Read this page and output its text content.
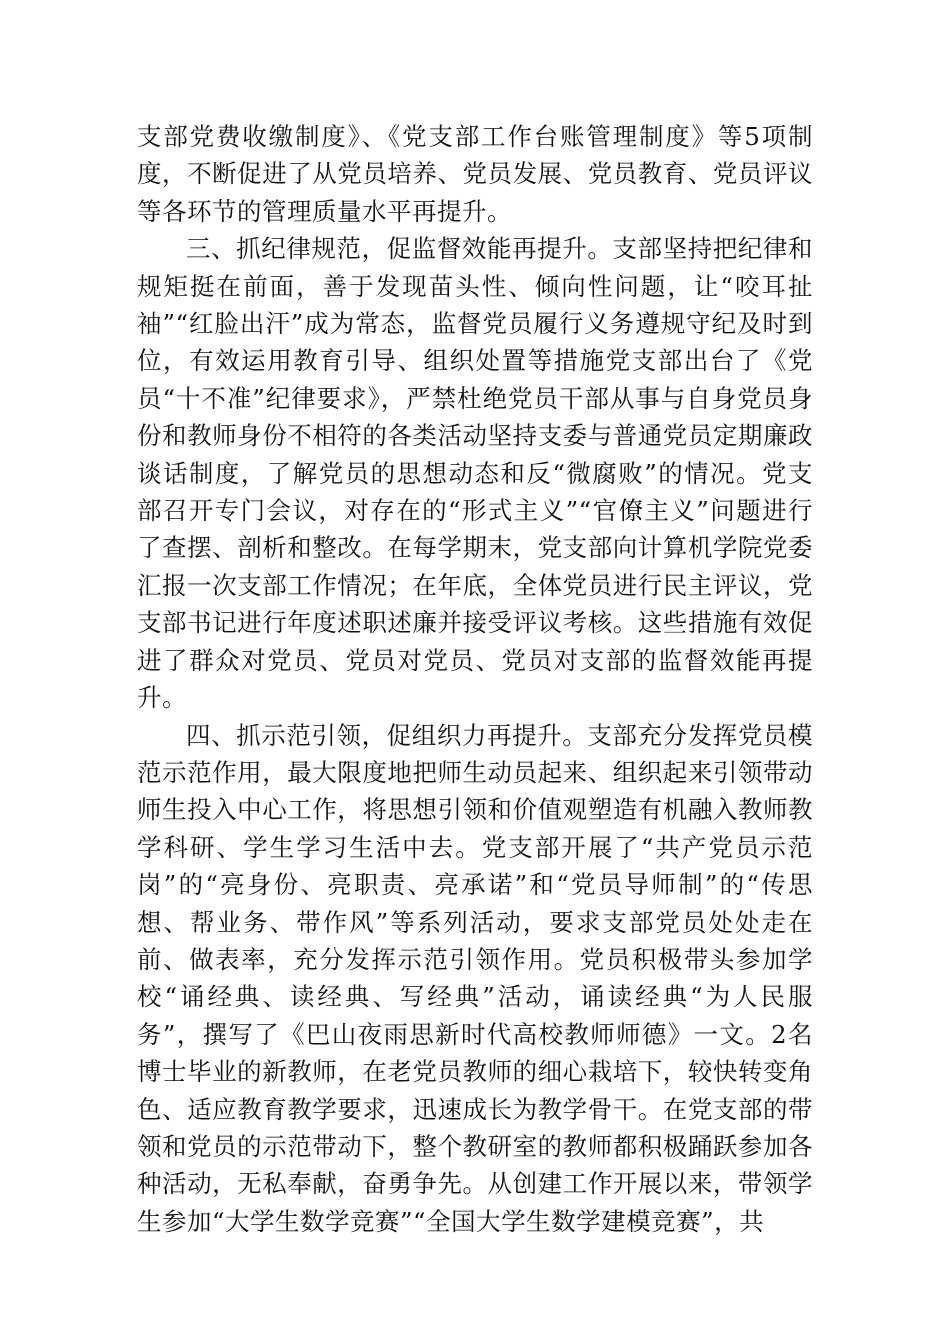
支部党费收缴制度》、《党支部工作台账管理制度》等5项制度，不断促进了从党员培养、党员发展、党员教育、党员评议等各环节的管理质量水平再提升。

三、抓纪律规范，促监督效能再提升。支部坚持把纪律和规矩挺在前面，善于发现苗头性、倾向性问题，让“咬耳扯袖”“红脸出汗”成为常态，监督党员履行义务遵规守纪及时到位，有效运用教育引导、组织处置等措施党支部出台了《党员“十不准”纪律要求》，严禁杜绝党员干部从事与自身党员身份和教师身份不相符的各类活动坚持支委与普通党员定期廉政谈话制度，了解党员的思想动态和反“微腐败”的情况。党支部召开专门会议，对存在的“形式主义”“官僚主义”问题进行了查摆、剖析和整改。在每学期末，党支部向计算机学院党委汇报一次支部工作情况；在年底，全体党员进行民主评议，党支部书记进行年度述职述廉并接受评议考核。这些措施有效促进了群众对党员、党员对党员、党员对支部的监督效能再提升。

四、抓示范引领，促组织力再提升。支部充分发挥党员模范示范作用，最大限度地把师生动员起来、组织起来引领带动师生投入中心工作，将思想引领和价值观塑造有机融入教师教学科研、学生学习生活中去。党支部开展了“共产党员示范岗”的“亮身份、亮职责、亮承诺”和“党员导师制”的“传思想、帮业务、带作风”等系列活动，要求支部党员处处走在前、做表率，充分发挥示范引领作用。党员积极带头参加学校“诵经典、读经典、写经典”活动，诵读经典“为人民服务”，撰写了《巴山夜雨思新时代高校教师师德》一文。2名博士毕业的新教师，在老党员教师的细心栽培下，较快转变角色、适应教育教学要求，迅速成长为教学骨干。在党支部的带领和党员的示范带动下，整个教研室的教师都积极踊跃参加各种活动，无私奉献，奋勇争先。从创建工作开展以来，带领学生参加“大学生数学竞赛”“全国大学生数学建模竞赛”，共
